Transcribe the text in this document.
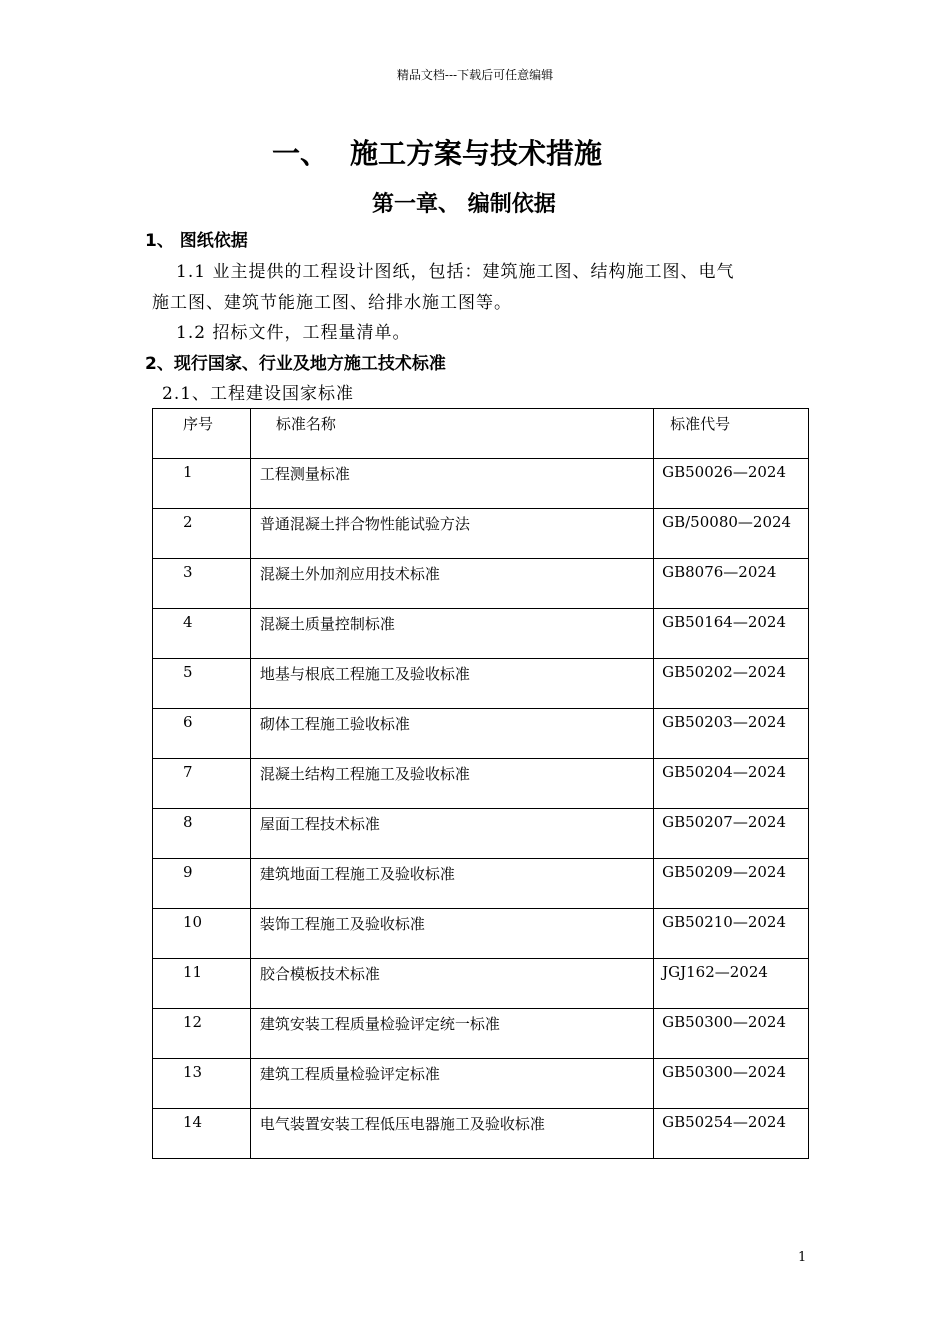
精品文档---下载后可任意编辑
一、 施工方案与技术措施
第一章、 编制依据
1、 图纸依据
1.1 业主提供的工程设计图纸，包括：建筑施工图、结构施工图、电气
施工图、建筑节能施工图、给排水施工图等。
1.2 招标文件，工程量清单。
2、现行国家、行业及地方施工技术标准
2.1、工程建设国家标准
序号	标准名称	标准代号
1	工程测量标准	GB50026—2024
2	普通混凝土拌合物性能试验方法	GB/50080—2024
3	混凝土外加剂应用技术标准	GB8076—2024
4	混凝土质量控制标准	GB50164—2024
5	地基与根底工程施工及验收标准	GB50202—2024
6	砌体工程施工验收标准	GB50203—2024
7	混凝土结构工程施工及验收标准	GB50204—2024
8	屋面工程技术标准	GB50207—2024
9	建筑地面工程施工及验收标准	GB50209—2024
10	装饰工程施工及验收标准	GB50210—2024
11	胶合模板技术标准	JGJ162—2024
12	建筑安装工程质量检验评定统一标准	GB50300—2024
13	建筑工程质量检验评定标准	GB50300—2024
14	电气装置安装工程低压电器施工及验收标准	GB50254—2024
1
